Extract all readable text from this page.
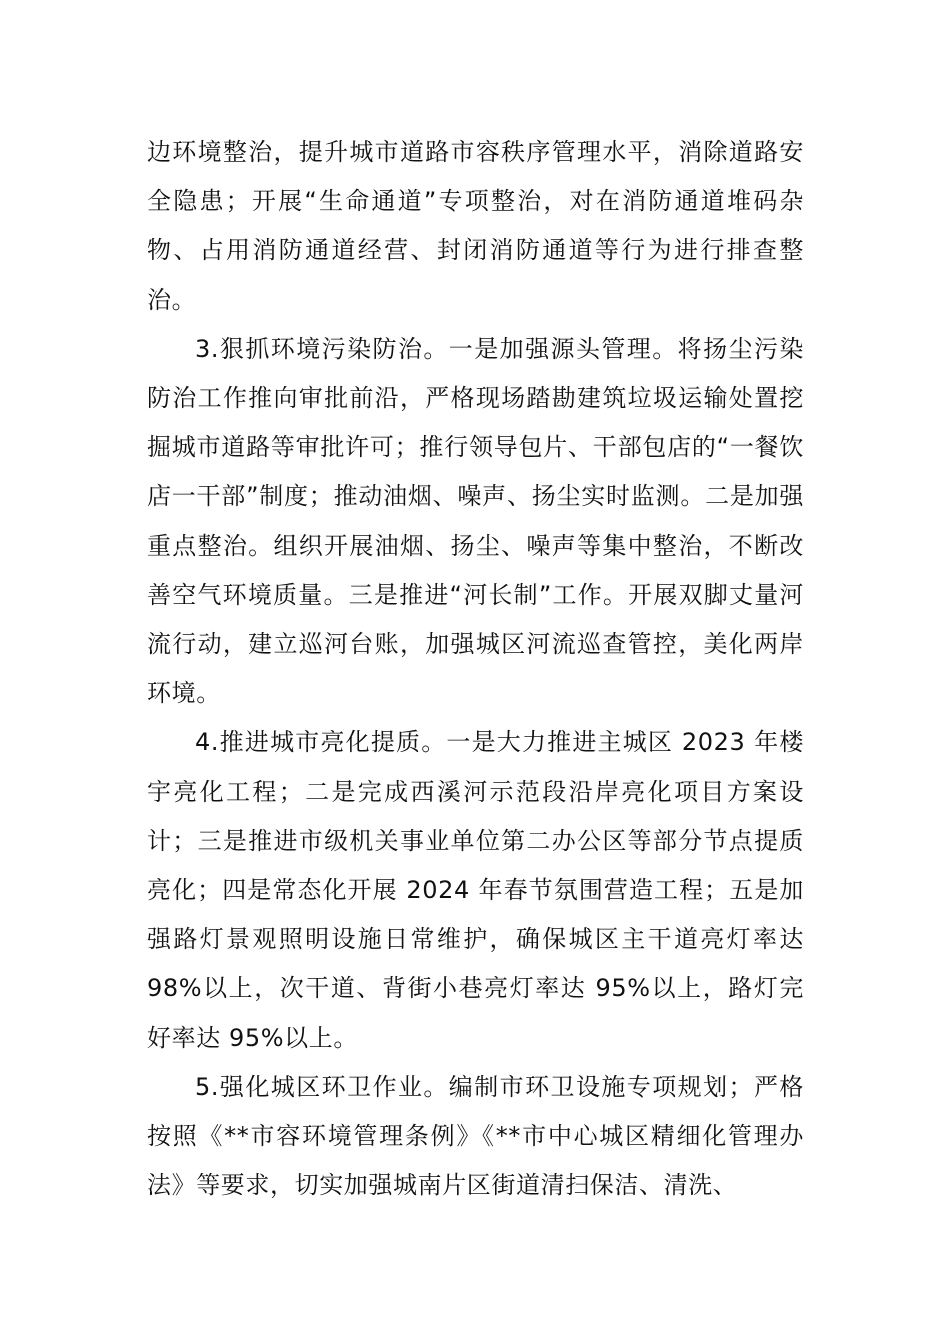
边环境整治，提升城市道路市容秩序管理水平，消除道路安全隐患；开展“生命通道”专项整治，对在消防通道堆码杂物、占用消防通道经营、封闭消防通道等行为进行排查整治。

3.狠抓环境污染防治。一是加强源头管理。将扬尘污染防治工作推向审批前沿，严格现场踏勘建筑垃圾运输处置挖掘城市道路等审批许可；推行领导包片、干部包店的“一餐饮店一干部”制度；推动油烟、噪声、扬尘实时监测。二是加强重点整治。组织开展油烟、扬尘、噪声等集中整治，不断改善空气环境质量。三是推进“河长制”工作。开展双脚丈量河流行动，建立巡河台账，加强城区河流巡查管控，美化两岸环境。

4.推进城市亮化提质。一是大力推进主城区 2023 年楼宇亮化工程；二是完成西溪河示范段沿岸亮化项目方案设计；三是推进市级机关事业单位第二办公区等部分节点提质亮化；四是常态化开展 2024 年春节氛围营造工程；五是加强路灯景观照明设施日常维护，确保城区主干道亮灯率达 98%以上，次干道、背街小巷亮灯率达 95%以上，路灯完好率达 95%以上。

5.强化城区环卫作业。编制市环卫设施专项规划；严格按照《**市容环境管理条例》《**市中心城区精细化管理办法》等要求，切实加强城南片区街道清扫保洁、清洗、
